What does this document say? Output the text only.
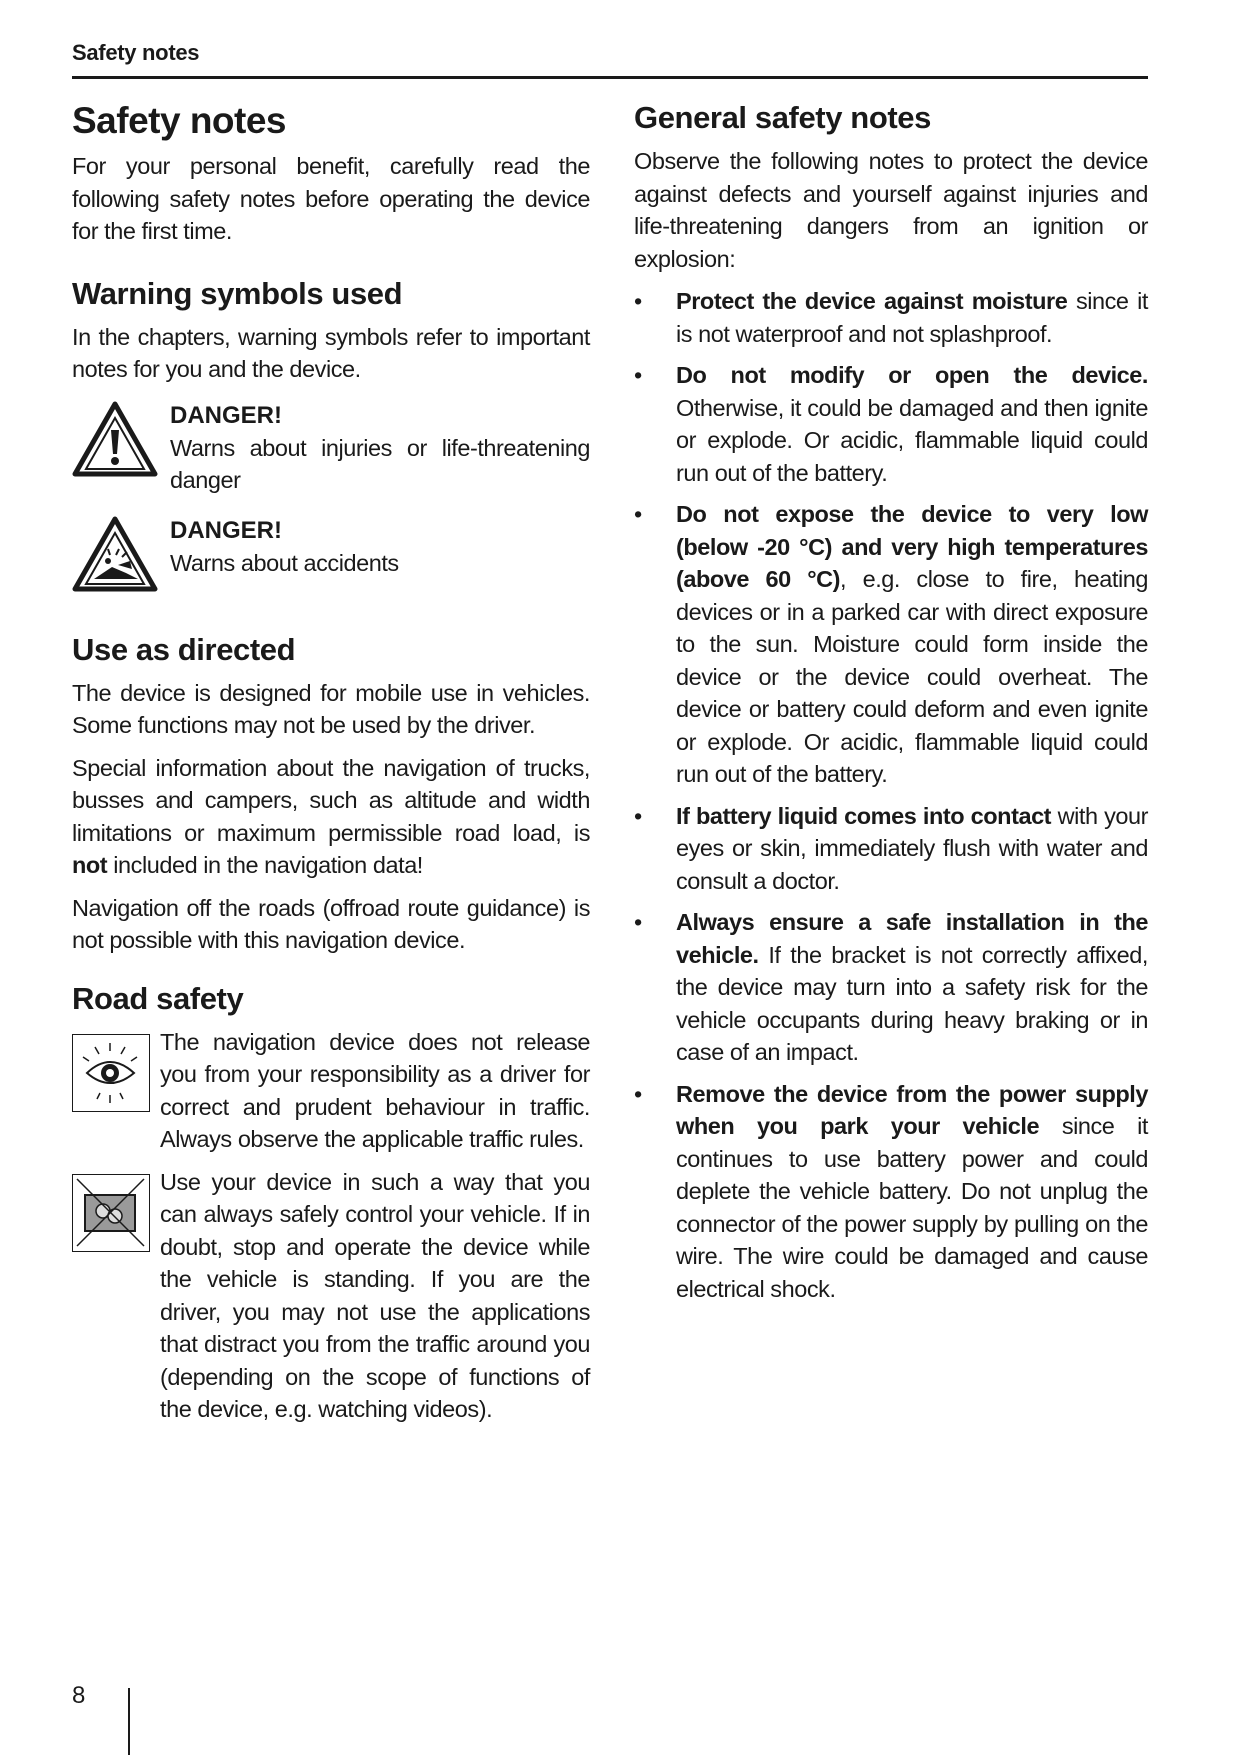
Safety notes
Safety notes

For your personal benefit, carefully read the following safety notes before operating the device for the first time.

Warning symbols used

In the chapters, warning symbols refer to important notes for you and the device.

DANGER!
Warns about injuries or life-threatening danger
DANGER!
Warns about accidents
Use as directed

The device is designed for mobile use in vehicles. Some functions may not be used by the driver.

Special information about the navigation of trucks, busses and campers, such as altitude and width limitations or maximum permissible road load, is not included in the navigation data!

Navigation off the roads (offroad route guidance) is not possible with this navigation device.

Road safety

The navigation device does not release you from your responsibility as a driver for correct and prudent behaviour in traffic. Always observe the applicable traffic rules.

Use your device in such a way that you can always safely control your vehicle. If in doubt, stop and operate the device while the vehicle is standing. If you are the driver, you may not use the applications that distract you from the traffic around you (depending on the scope of functions of the device, e.g. watching videos).

General safety notes

Observe the following notes to protect the device against defects and yourself against injuries and life-threatening dangers from an ignition or explosion:

•	Protect the device against moisture since it is not waterproof and not splashproof.
•	Do not modify or open the device. Otherwise, it could be damaged and then ignite or explode. Or acidic, flammable liquid could run out of the battery.
•	Do not expose the device to very low (below -20 °C) and very high temperatures (above 60 °C), e.g. close to fire, heating devices or in a parked car with direct exposure to the sun. Moisture could form inside the device or the device could overheat. The device or battery could deform and even ignite or explode. Or acidic, flammable liquid could run out of the battery.
•	If battery liquid comes into contact with your eyes or skin, immediately flush with water and consult a doctor.
•	Always ensure a safe installation in the vehicle. If the bracket is not correctly affixed, the device may turn into a safety risk for the vehicle occupants during heavy braking or in case of an impact.
•	Remove the device from the power supply when you park your vehicle since it continues to use battery power and could deplete the vehicle battery. Do not unplug the connector of the power supply by pulling on the wire. The wire could be damaged and cause electrical shock.
8
